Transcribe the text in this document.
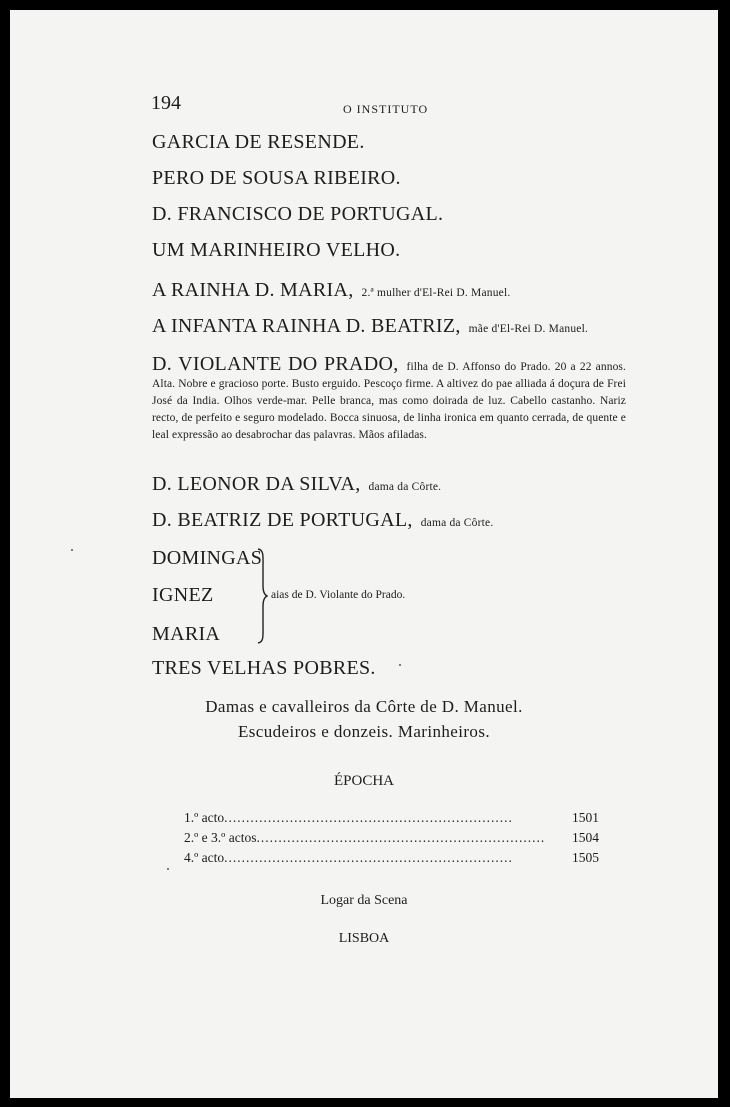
194	O INSTITUTO
GARCIA DE RESENDE.
PERO DE SOUSA RIBEIRO.
D. FRANCISCO DE PORTUGAL.
UM MARINHEIRO VELHO.
A RAINHA D. MARIA, 2.ª mulher d'El-Rei D. Manuel.
A INFANTA RAINHA D. BEATRIZ, mãe d'El-Rei D. Manuel.
D. VIOLANTE DO PRADO, filha de D. Affonso do Prado. 20 a 22 annos. Alta. Nobre e gracioso porte. Busto erguido. Pescoço firme. A altivez do pae alliada á doçura de Frei José da India. Olhos verde-mar. Pelle branca, mas como doirada de luz. Cabello castanho. Nariz recto, de perfeito e seguro modelado. Bocca sinuosa, de linha ironica em quanto cerrada, de quente e leal expressão ao desabrochar das palavras. Mãos afiladas.
D. LEONOR DA SILVA, dama da Côrte.
D. BEATRIZ DE PORTUGAL, dama da Côrte.
DOMINGAS
IGNEZ
MARIA
aias de D. Violante do Prado.
TRES VELHAS POBRES.
Damas e cavalleiros da Côrte de D. Manuel.
Escudeiros e donzeis. Marinheiros.
ÉPOCHA
1.º acto ..................................................................	1501
2.º e 3.º actos ..................................................................	1504
4.º acto ..................................................................	1505
Logar da Scena
LISBOA
